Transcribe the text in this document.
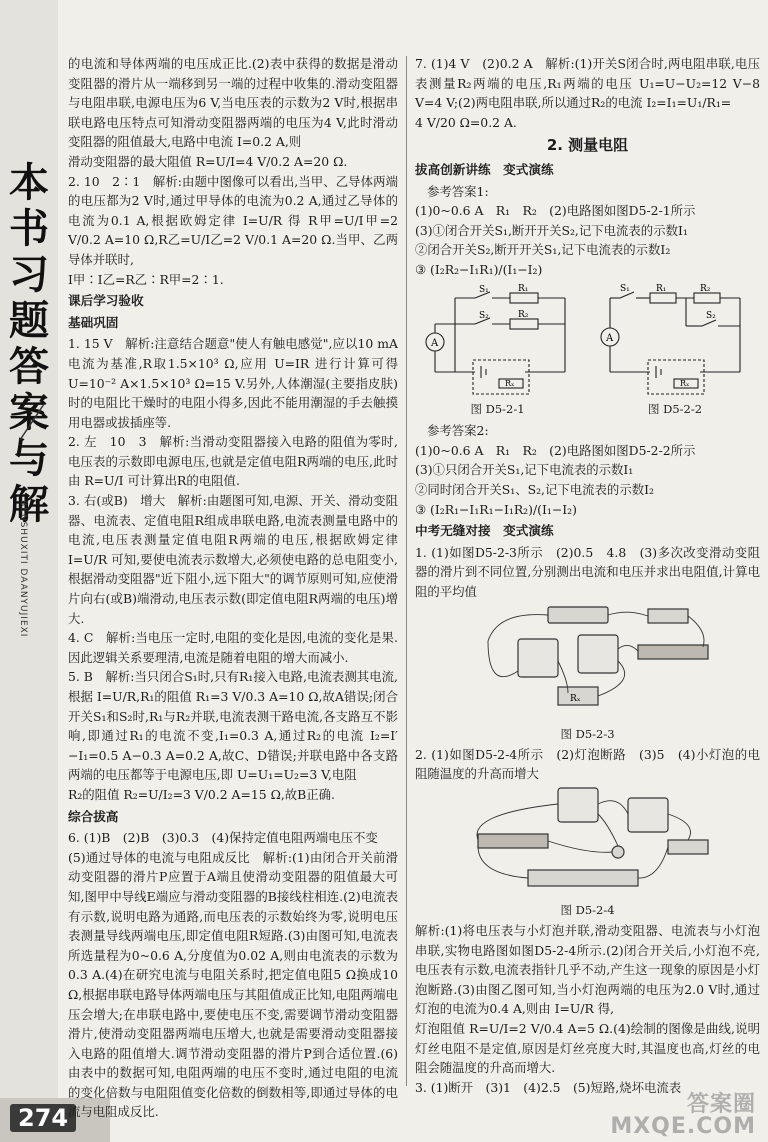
本
书
习
题
答
案
与
解
BENSHUXITI DAANYUJIEXI
274

的电流和导体两端的电压成正比.(2)表中获得的数据是滑动变阻器的滑片从一端移到另一端的过程中收集的.滑动变阻器与电阻串联,电源电压为6 V,当电压表的示数为2 V时,根据串联电路电压特点可知滑动变阻器两端的电压为4 V,此时滑动变阻器的阻值最大,电路中电流 I=0.2 A,则

滑动变阻器的最大阻值 R=U/I=4 V/0.2 A=20 Ω.

2. 10　2∶1　解析:由题中图像可以看出,当甲、乙导体两端的电压都为2 V时,通过甲导体的电流为0.2 A,通过乙导体的电流为0.1 A,根据欧姆定律 I=U/R 得 R甲=U/I甲=2 V/0.2 A=10 Ω,R乙=U/I乙=2 V/0.1 A=20 Ω.当甲、乙两导体并联时,

I甲∶I乙=R乙∶R甲=2∶1.

课后学习验收
基础巩固

1. 15 V　解析:注意结合题意"使人有触电感觉",应以10 mA电流为基准,R取1.5×10³ Ω,应用 U=IR 进行计算可得 U=10⁻² A×1.5×10³ Ω=15 V.另外,人体潮湿(主要指皮肤)时的电阻比干燥时的电阻小得多,因此不能用潮湿的手去触摸用电器或拔插座等.

2. 左　10　3　解析:当滑动变阻器接入电路的阻值为零时,电压表的示数即电源电压,也就是定值电阻R两端的电压,此时由 R=U/I 可计算出R的电阻值.

3. 右(或B)　增大　解析:由题图可知,电源、开关、滑动变阻器、电流表、定值电阻R组成串联电路,电流表测量电路中的电流,电压表测量定值电阻R两端的电压,根据欧姆定律 I=U/R 可知,要使电流表示数增大,必须使电路的总电阻变小,根据滑动变阻器"近下阻小,远下阻大"的调节原则可知,应使滑片向右(或B)端滑动,电压表示数(即定值电阻R两端的电压)增大.

4. C　解析:当电压一定时,电阻的变化是因,电流的变化是果.因此逻辑关系要理清,电流是随着电阻的增大而减小.

5. B　解析:当只闭合S₁时,只有R₁接入电路,电流表测其电流,根据 I=U/R,R₁的阻值 R₁=3 V/0.3 A=10 Ω,故A错误;闭合开关S₁和S₂时,R₁与R₂并联,电流表测干路电流,各支路互不影响,即通过R₁的电流不变,I₁=0.3 A,通过R₂的电流 I₂=I′−I₁=0.5 A−0.3 A=0.2 A,故C、D错误;并联电路中各支路两端的电压都等于电源电压,即 U=U₁=U₂=3 V,电阻

R₂的阻值 R₂=U/I₂=3 V/0.2 A=15 Ω,故B正确.

综合拔高

6. (1)B　(2)B　(3)0.3　(4)保持定值电阻两端电压不变

(5)通过导体的电流与电阻成反比　解析:(1)由闭合开关前滑动变阻器的滑片P应置于A端且使滑动变阻器的阻值最大可知,图甲中导线E端应与滑动变阻器的B接线柱相连.(2)电流表有示数,说明电路为通路,而电压表的示数始终为零,说明电压表测量导线两端电压,即定值电阻R短路.(3)由图可知,电流表所选量程为0~0.6 A,分度值为0.02 A,则由电流表的示数为0.3 A.(4)在研究电流与电阻关系时,把定值电阻5 Ω换成10 Ω,根据串联电路导体两端电压与其阻值成正比知,电阻两端电压会增大;在串联电路中,要使电压不变,需要调节滑动变阻器滑片,使滑动变阻器两端电压增大,也就是需要滑动变阻器接入电路的阻值增大.调节滑动变阻器的滑片P到合适位置.(6)由表中的数据可知,电阻两端的电压不变时,通过电阻的电流的变化倍数与电阻阻值变化倍数的倒数相等,即通过导体的电流与电阻成反比.

7. (1)4 V　(2)0.2 A　解析:(1)开关S闭合时,两电阻串联,电压表测量R₂两端的电压,R₁两端的电压 U₁=U−U₂=12 V−8 V=4 V;(2)两电阻串联,所以通过R₂的电流 I₂=I₁=U₁/R₁=

4 V/20 Ω=0.2 A.

2. 测量电阻
拔高创新讲练　变式演练

参考答案1:

(1)0~0.6 A　R₁　R₂　(2)电路图如图D5-2-1所示

(3)①闭合开关S₁,断开开关S₂,记下电流表的示数I₁

②闭合开关S₂,断开开关S₁,记下电流表的示数I₂

③ (I₂R₂−I₁R₁)/(I₁−I₂)

A
S₁	R₁
S₂	R₂
Rₓ
图 D5-2-1
A
S₁	R₁	R₂
S₂
Rₓ
图 D5-2-2

参考答案2:

(1)0~0.6 A　R₁　R₂　(2)电路图如图D5-2-2所示

(3)①只闭合开关S₁,记下电流表的示数I₁

②同时闭合开关S₁、S₂,记下电流表的示数I₂

③ (I₂R₁−I₁R₁−I₁R₂)/(I₁−I₂)

中考无缝对接　变式演练

1. (1)如图D5-2-3所示　(2)0.5　4.8　(3)多次改变滑动变阻器的滑片到不同位置,分别测出电流和电压并求出电阻值,计算电阻的平均值

Rₓ
图 D5-2-3

2. (1)如图D5-2-4所示　(2)灯泡断路　(3)5　(4)小灯泡的电阻随温度的升高而增大

图 D5-2-4

解析:(1)将电压表与小灯泡并联,滑动变阻器、电流表与小灯泡串联,实物电路图如图D5-2-4所示.(2)闭合开关后,小灯泡不亮,电压表有示数,电流表指针几乎不动,产生这一现象的原因是小灯泡断路.(3)由图乙图可知,当小灯泡两端的电压为2.0 V时,通过灯泡的电流为0.4 A,则由 I=U/R 得,

灯泡阻值 R=U/I=2 V/0.4 A=5 Ω.(4)绘制的图像是曲线,说明灯丝电阻不是定值,原因是灯丝亮度大时,其温度也高,灯丝的电阻会随温度的升高而增大.

3. (1)断开　(3)1　(4)2.5　(5)短路,烧坏电流表

答案圈
MXQE.COM
